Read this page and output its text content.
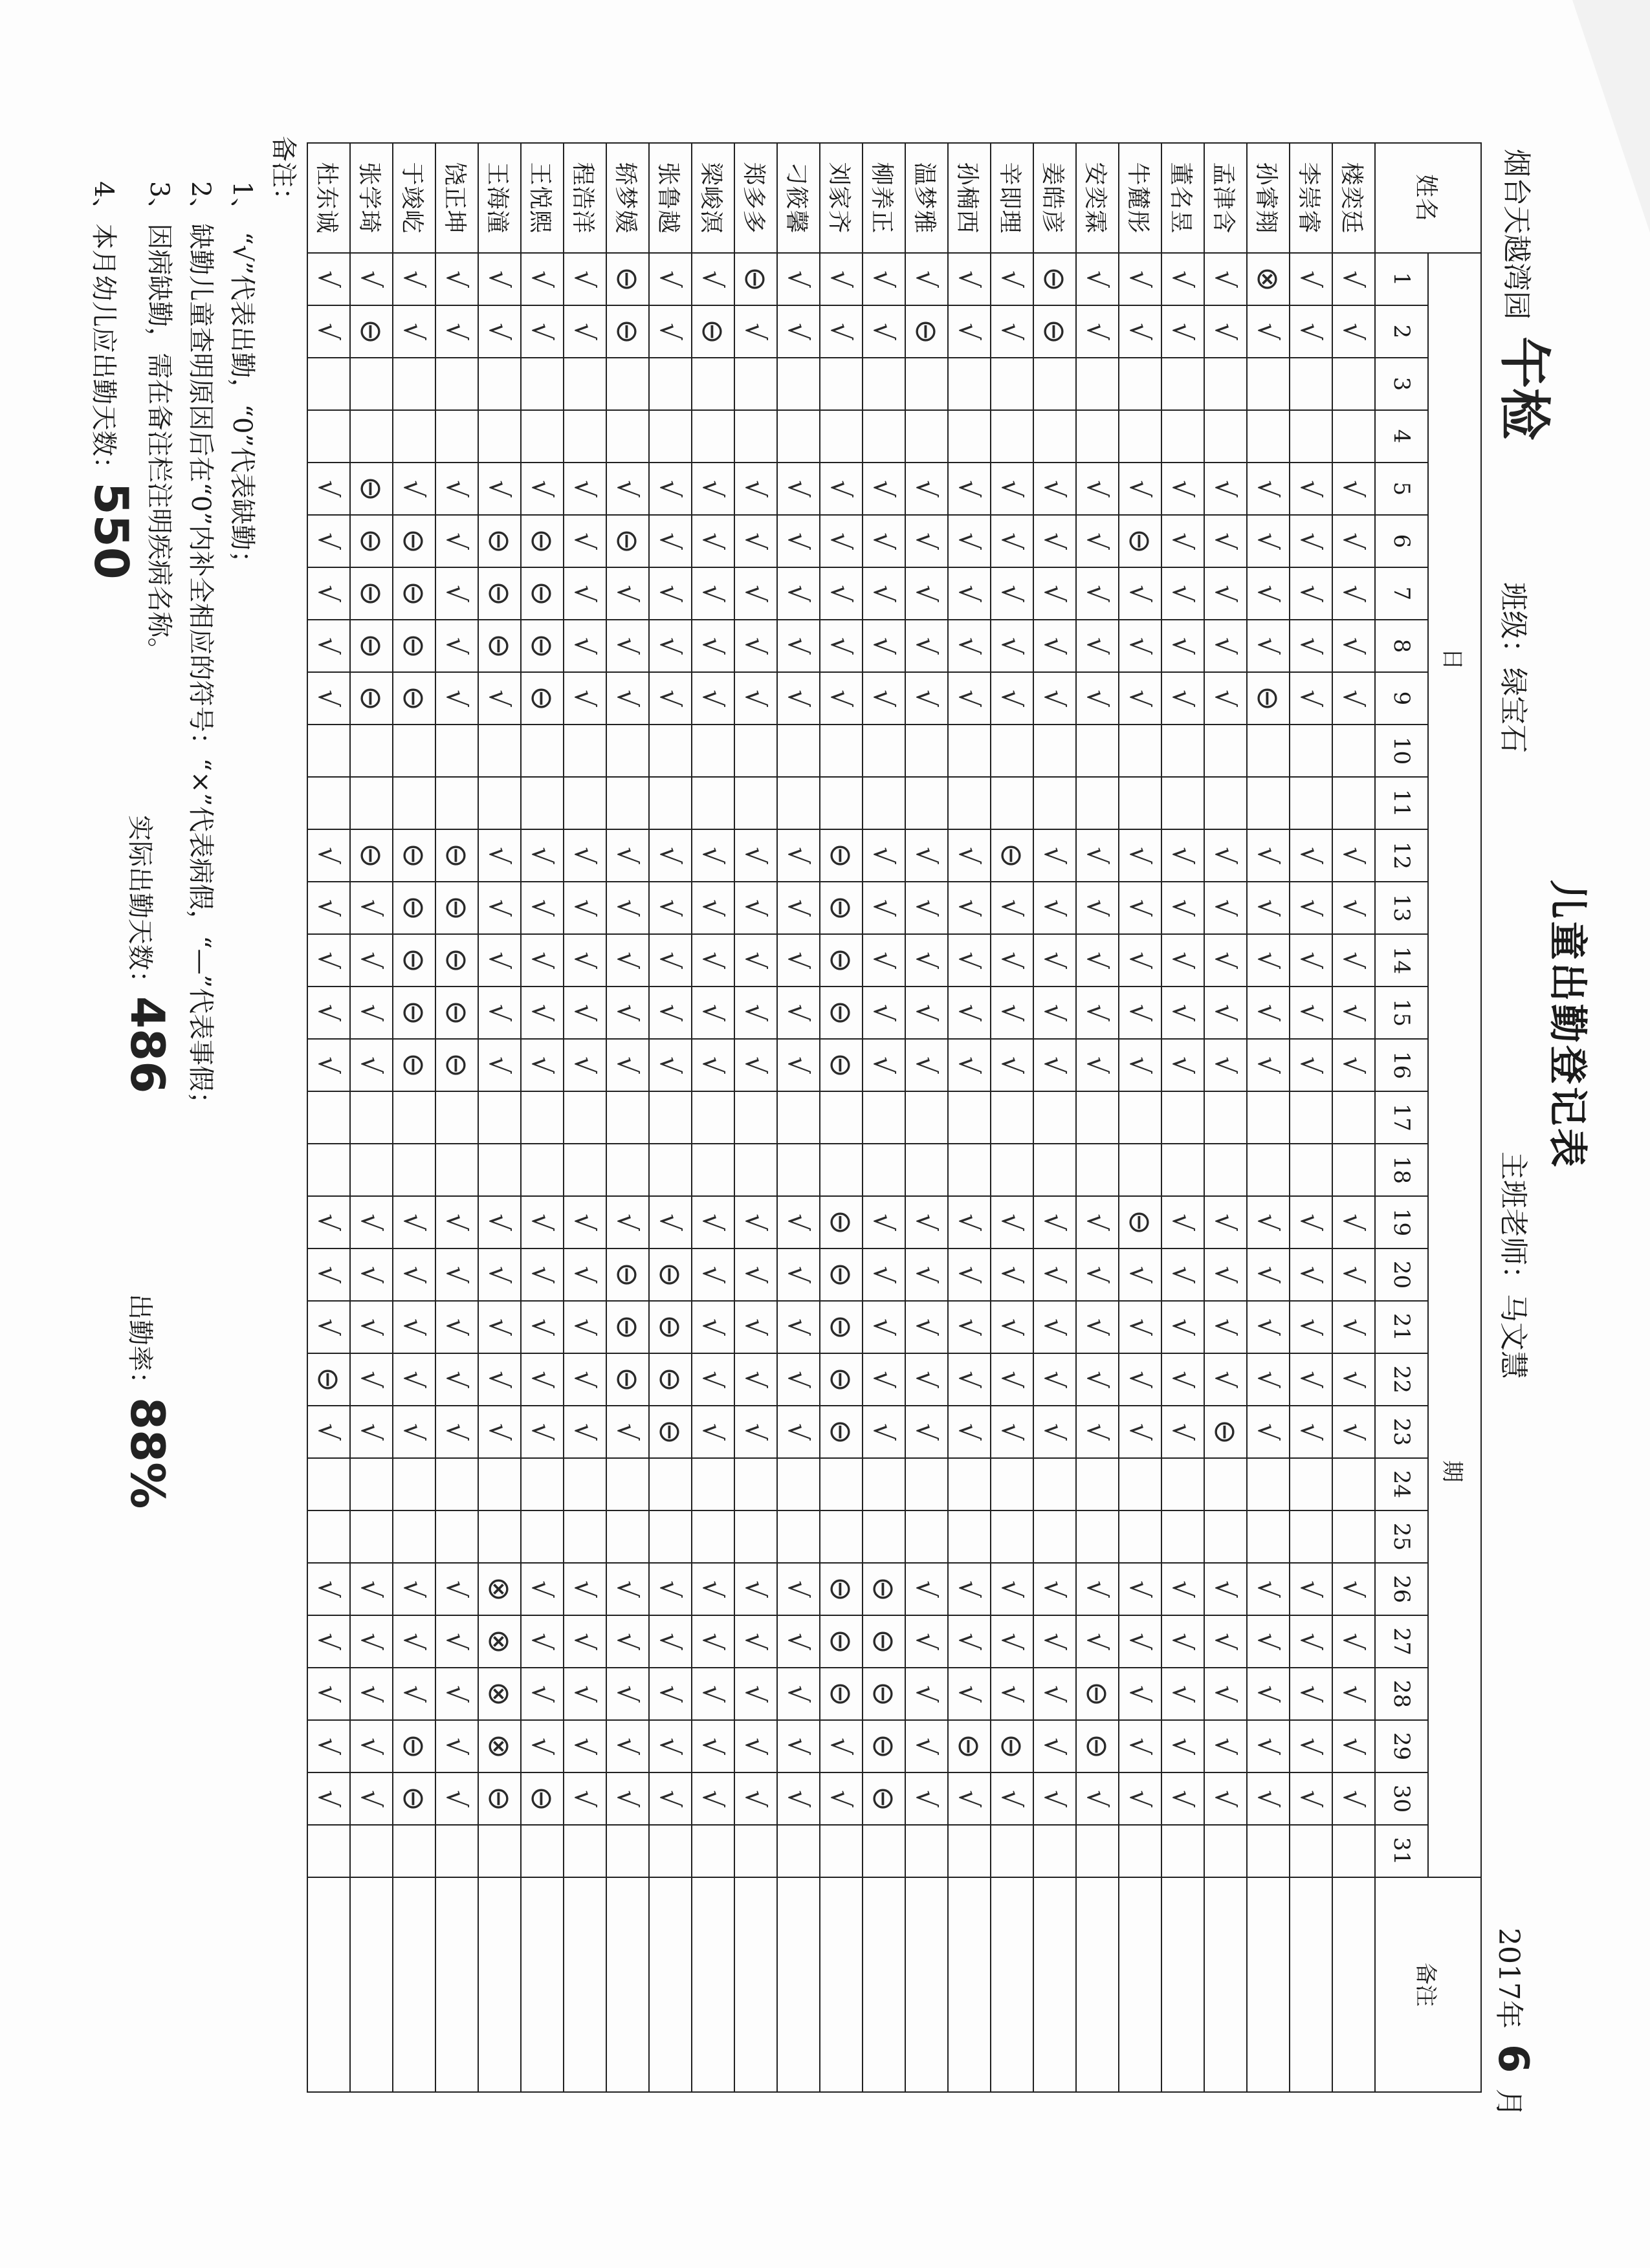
儿童出勤登记表
烟台天越湾园
午检
班级：绿宝石
主班老师：马文慧
2017年 6 月
姓名	日  期																															备注
	1	2	3	4	5	6	7	8	9	10	11	12	13	14	15	16	17	18	19	20	21	22	23	24	25	26	27	28	29	30	31	
楼奕廷	√	√			√	√	√	√	√			√	√	√	√	√			√	√	√	√	√			√	√	√	√	√		
李崇睿	√	√			√	√	√	√	√			√	√	√	√	√			√	√	√	√	√			√	√	√	√	√		
孙睿翔	⊗	√			√	√	√	√	⊖			√	√	√	√	√			√	√	√	√	√			√	√	√	√	√		
孟津含	√	√			√	√	√	√	√			√	√	√	√	√			√	√	√	√	⊖			√	√	√	√	√		
董名昱	√	√			√	√	√	√	√			√	√	√	√	√			√	√	√	√	√			√	√	√	√	√		
牛麓彤	√	√			√	⊖	√	√	√			√	√	√	√	√			⊖	√	√	√	√			√	√	√	√	√		
安奕霖	√	√			√	√	√	√	√			√	√	√	√	√			√	√	√	√	√			√	√	⊖	⊖	√		
姜皓彦	⊖	⊖			√	√	√	√	√			√	√	√	√	√			√	√	√	√	√			√	√	√	√	√		
辛即理	√	√			√	√	√	√	√			⊖	√	√	√	√			√	√	√	√	√			√	√	√	⊖	√		
孙楠西	√	√			√	√	√	√	√			√	√	√	√	√			√	√	√	√	√			√	√	√	⊖	√		
温梦雅	√	⊖			√	√	√	√	√			√	√	√	√	√			√	√	√	√	√			√	√	√	√	√		
柳养正	√	√			√	√	√	√	√			√	√	√	√	√			√	√	√	√	√			⊖	⊖	⊖	⊖	⊖		
刘家齐	√	√			√	√	√	√	√			⊖	⊖	⊖	⊖	⊖			⊖	⊖	⊖	⊖	⊖			⊖	⊖	⊖	√	√		
刁筱馨	√	√			√	√	√	√	√			√	√	√	√	√			√	√	√	√	√			√	√	√	√	√		
郑多多	⊖	√			√	√	√	√	√			√	√	√	√	√			√	√	√	√	√			√	√	√	√	√		
梁峻溟	√	⊖			√	√	√	√	√			√	√	√	√	√			√	√	√	√	√			√	√	√	√	√		
张鲁越	√	√			√	√	√	√	√			√	√	√	√	√			√	⊖	⊖	⊖	⊖			√	√	√	√	√		
轿梦媛	⊖	⊖			√	⊖	√	√	√			√	√	√	√	√			√	⊖	⊖	⊖	√			√	√	√	√	√		
程浩洋	√	√			√	√	√	√	√			√	√	√	√	√			√	√	√	√	√			√	√	√	√	√		
王悦熙	√	√			√	⊖	⊖	⊖	⊖			√	√	√	√	√			√	√	√	√	√			√	√	√	√	⊖		
王海潼	√	√			√	⊖	⊖	⊖	√			√	√	√	√	√			√	√	√	√	√			⊗	⊗	⊗	⊗	⊖		
饶正坤	√	√			√	√	√	√	√			⊖	⊖	⊖	⊖	⊖			√	√	√	√	√			√	√	√	√	√		
于竣屹	√	√			√	⊖	⊖	⊖	⊖			⊖	⊖	⊖	⊖	⊖			√	√	√	√	√			√	√	√	⊖	⊖		
张学琦	√	⊖			⊖	⊖	⊖	⊖	⊖			⊖	√	√	√	√			√	√	√	√	√			√	√	√	√	√		
杜东诚	√	√			√	√	√	√	√			√	√	√	√	√			√	√	√	⊖	√			√	√	√	√	√		
备注：
1、 “√”代表出勤，“0”代表缺勤；
2、缺勤儿童查明原因后在“0”内补全相应的符号：“×”代表病假，“—”代表事假；
3、因病缺勤，需在备注栏注明疾病名称。
4、本月幼儿应出勤天数：550
实际出勤天数：486
出勤率：88%
